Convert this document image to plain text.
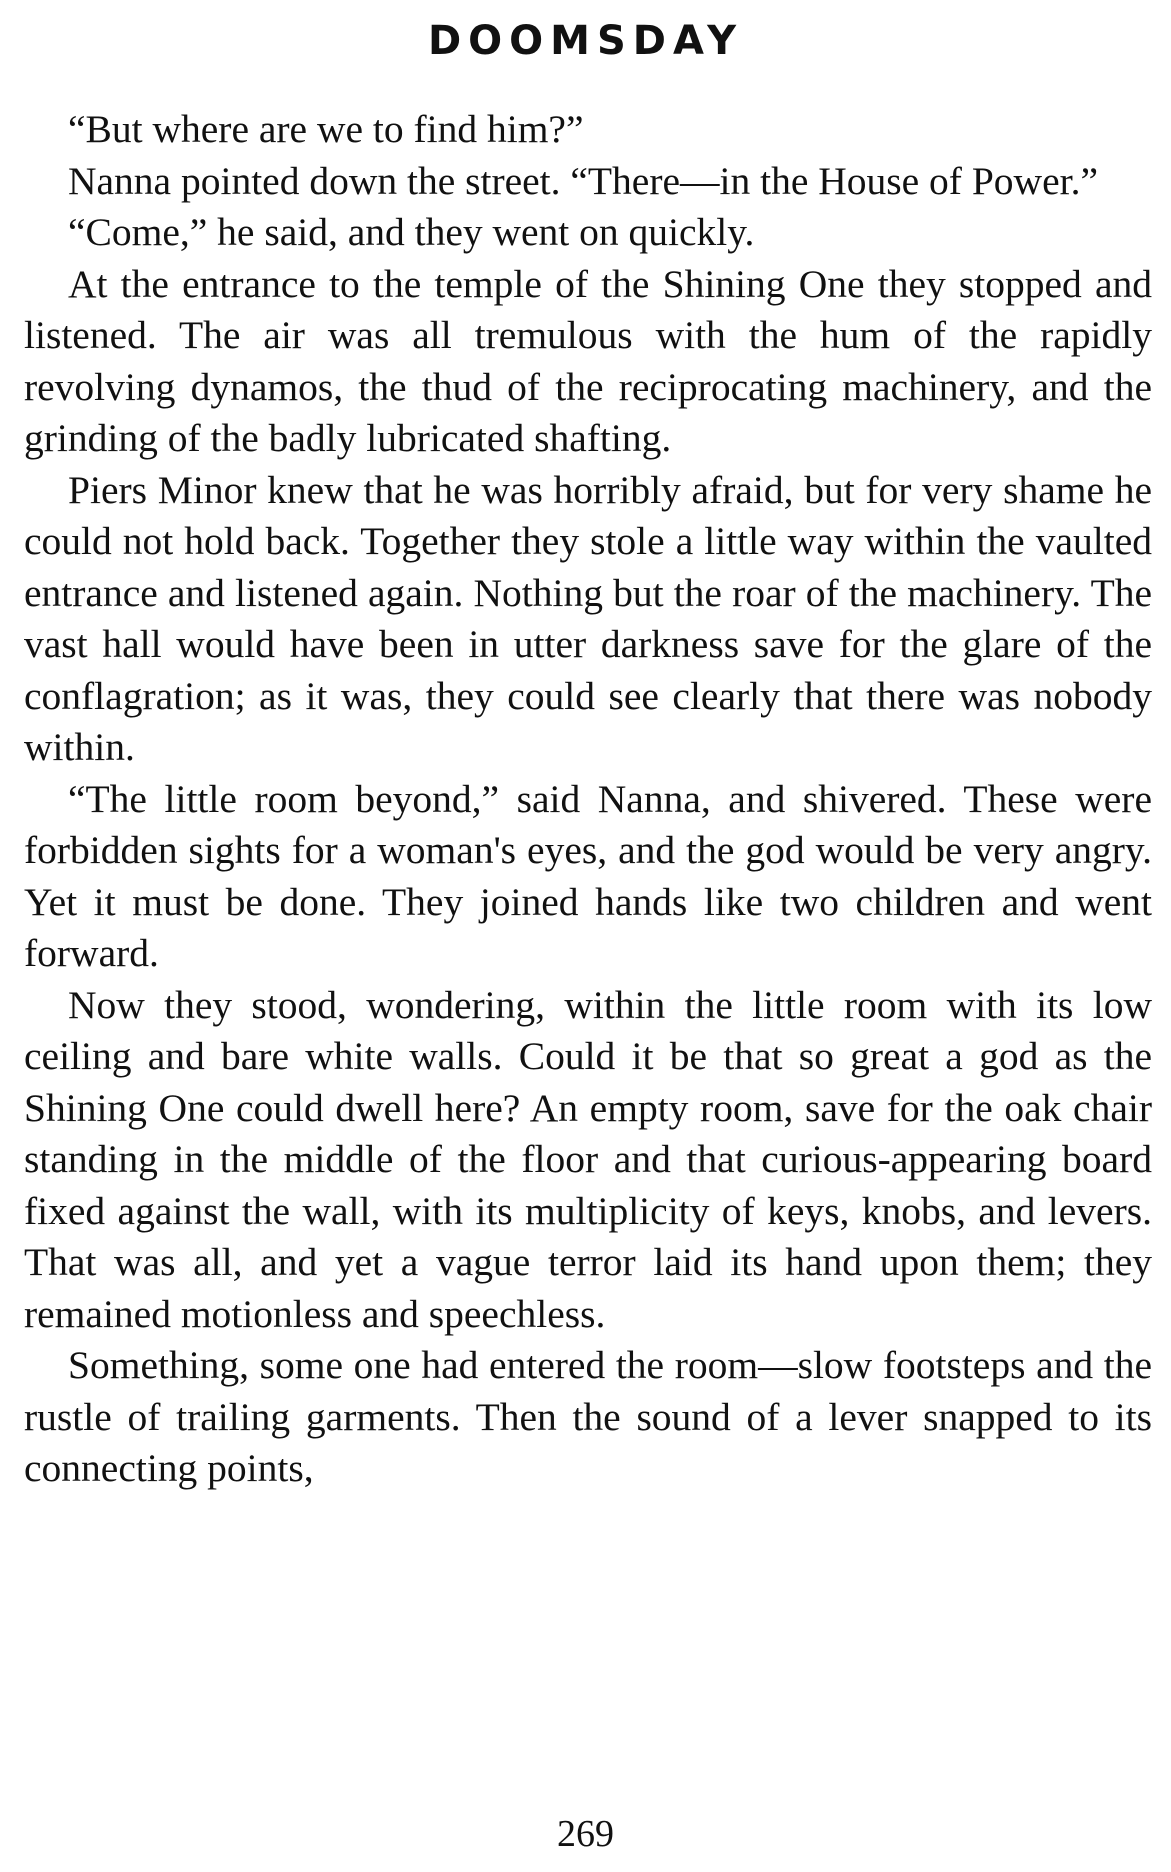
DOOMSDAY

“But where are we to find him?”

Nanna pointed down the street. “There—in the House of Power.”

“Come,” he said, and they went on quickly.

At the entrance to the temple of the Shining One they stopped and listened. The air was all tremulous with the hum of the rapidly revolving dynamos, the thud of the reciprocating machinery, and the grinding of the badly lubricated shafting.

Piers Minor knew that he was horribly afraid, but for very shame he could not hold back. Together they stole a little way within the vaulted entrance and listened again. Nothing but the roar of the machinery. The vast hall would have been in utter darkness save for the glare of the conflagration; as it was, they could see clearly that there was nobody within.

“The little room beyond,” said Nanna, and shivered. These were forbidden sights for a woman's eyes, and the god would be very angry. Yet it must be done. They joined hands like two children and went forward.

Now they stood, wondering, within the little room with its low ceiling and bare white walls. Could it be that so great a god as the Shining One could dwell here? An empty room, save for the oak chair standing in the middle of the floor and that curious-appearing board fixed against the wall, with its multiplicity of keys, knobs, and levers. That was all, and yet a vague terror laid its hand upon them; they remained motionless and speechless.

Something, some one had entered the room—slow footsteps and the rustle of trailing garments. Then the sound of a lever snapped to its connecting points,

269
